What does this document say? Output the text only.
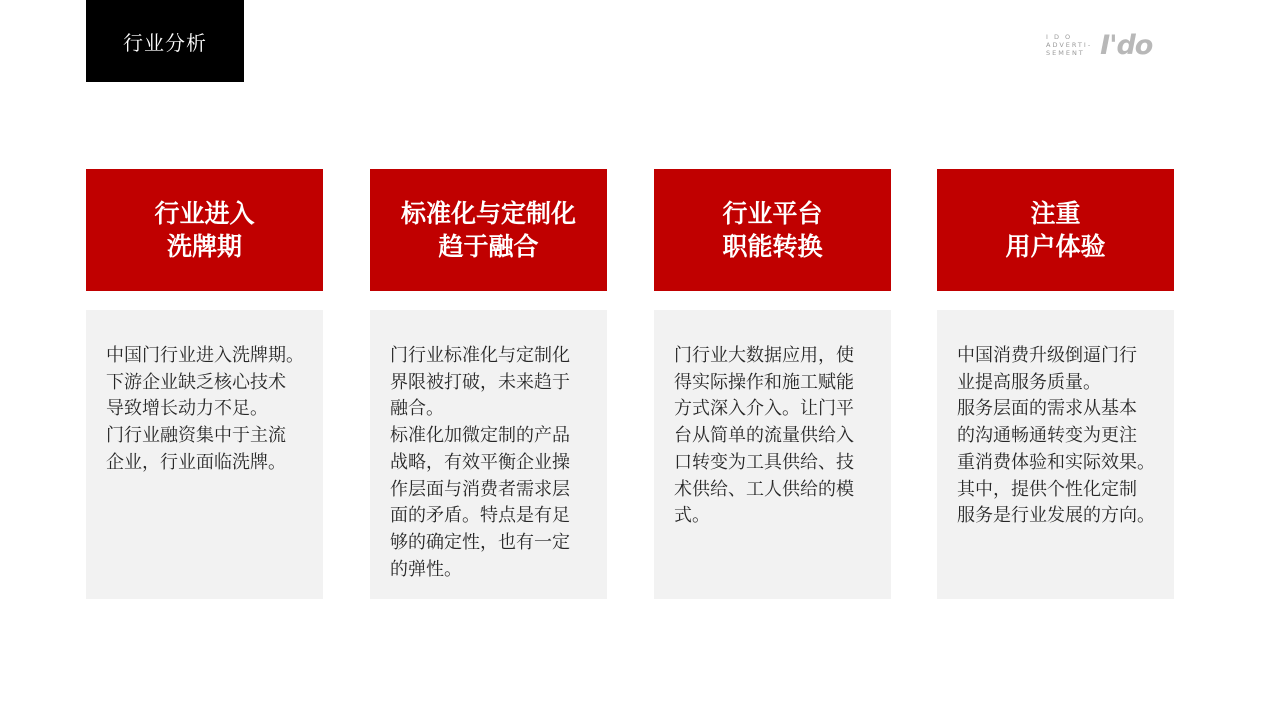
行业分析	I D O
ADVERTI-
SEMENT I'do
行业进入
洗牌期

中国门行业进入洗牌期。

下游企业缺乏核心技术

导致增长动力不足。

门行业融资集中于主流

企业，行业面临洗牌。

标准化与定制化
趋于融合

门行业标准化与定制化

界限被打破，未来趋于

融合。

标准化加微定制的产品

战略，有效平衡企业操

作层面与消费者需求层

面的矛盾。特点是有足

够的确定性，也有一定

的弹性。

行业平台
职能转换

门行业大数据应用，使

得实际操作和施工赋能

方式深入介入。让门平

台从简单的流量供给入

口转变为工具供给、技

术供给、工人供给的模

式。

注重
用户体验

中国消费升级倒逼门行

业提高服务质量。

服务层面的需求从基本

的沟通畅通转变为更注

重消费体验和实际效果。

其中，提供个性化定制

服务是行业发展的方向。
